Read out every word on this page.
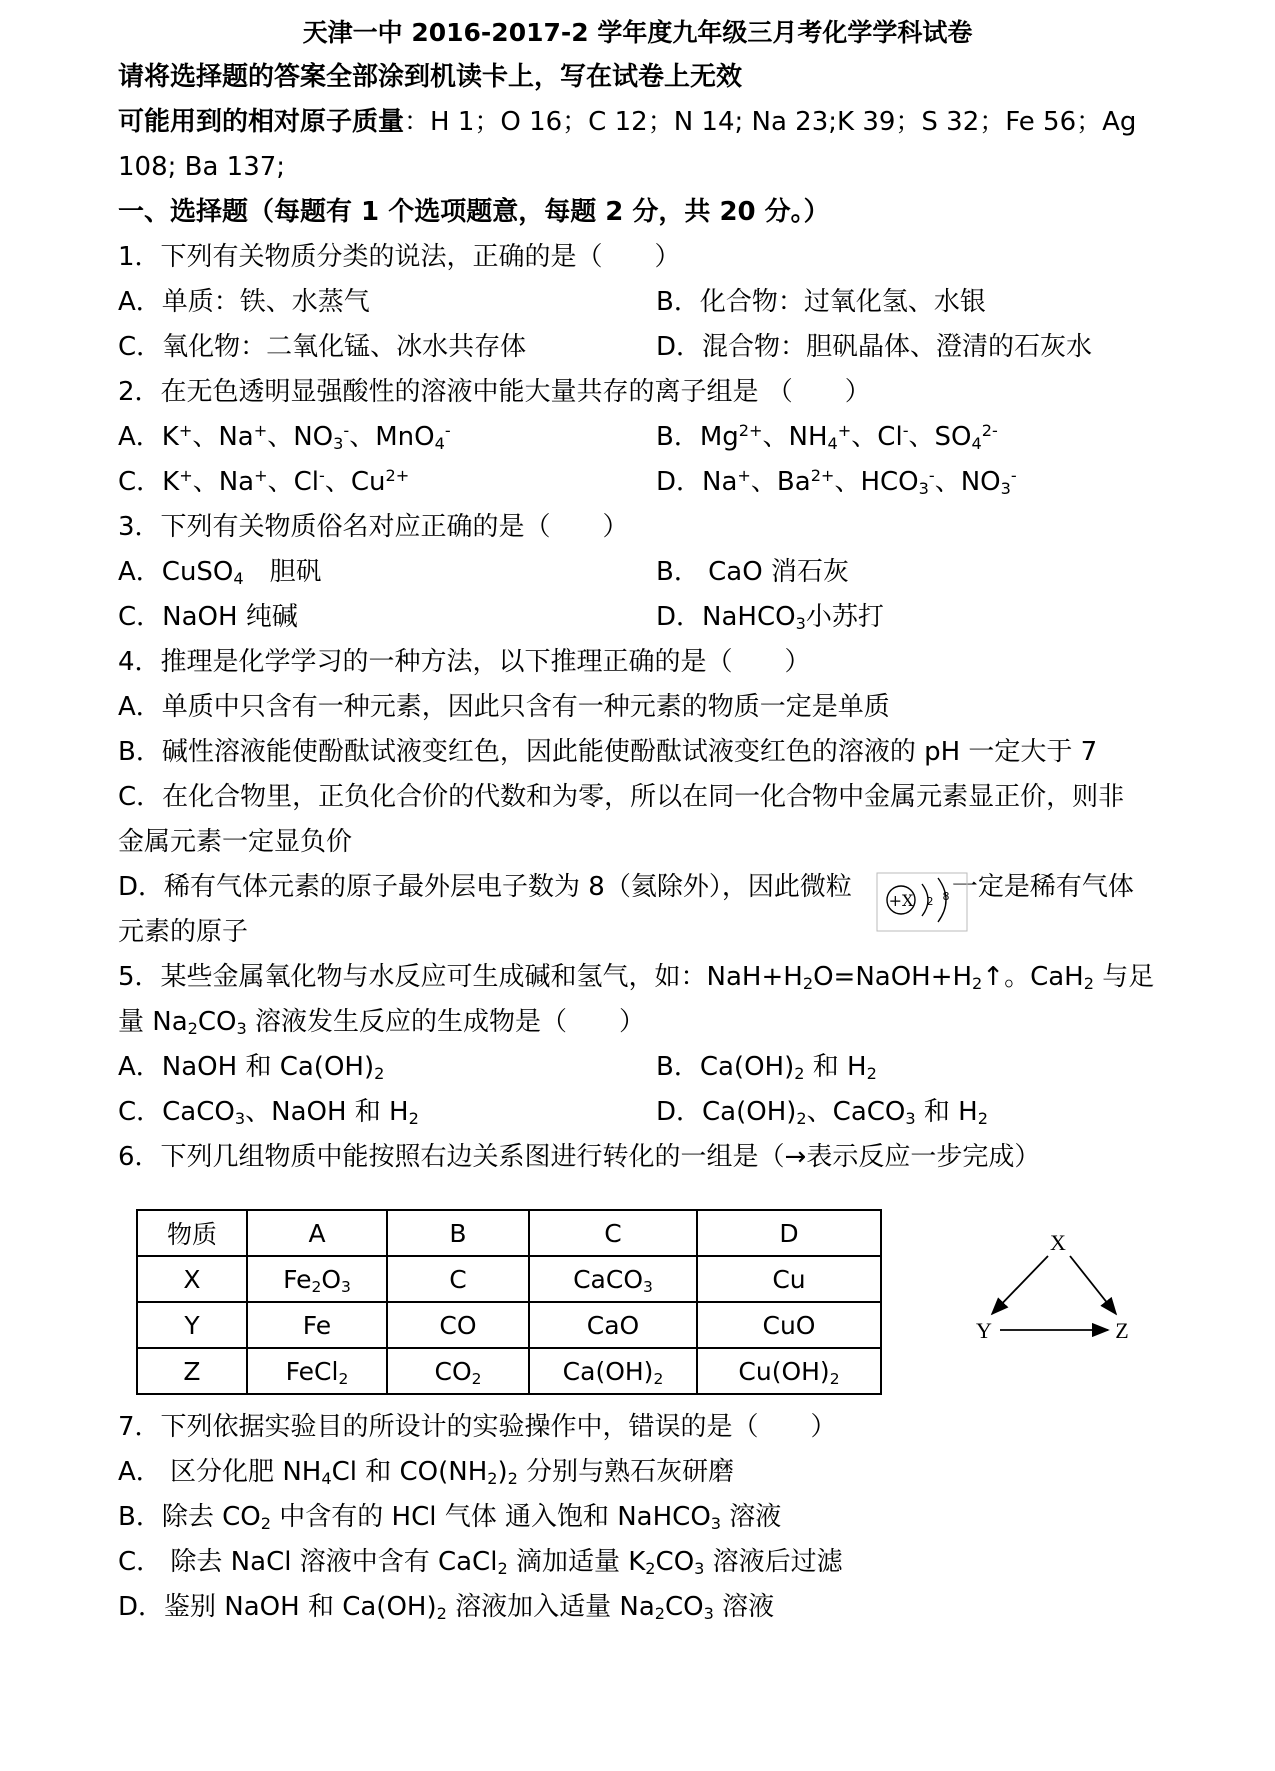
天津一中 2016-2017-2 学年度九年级三月考化学学科试卷
请将选择题的答案全部涂到机读卡上，写在试卷上无效
可能用到的相对原子质量：H 1；O 16；C 12；N 14; Na 23;K 39；S 32；Fe 56；Ag
108; Ba 137;
一、选择题（每题有 1 个选项题意，每题 2 分，共 20 分。）
1．下列有关物质分类的说法，正确的是（　　）
A．单质：铁、水蒸气	B．化合物：过氧化氢、水银
C．氧化物：二氧化锰、冰水共存体	D．混合物：胆矾晶体、澄清的石灰水
2．在无色透明显强酸性的溶液中能大量共存的离子组是 （　　）
A．K+、Na+、$NO_3^-$、MnO$_4$-	B．$Mg^{2+}$、$NH_4^+$、Cl-、$SO_4^{2-}$
C．K+、Na+、Cl-、$Cu^{2+}$	D．Na+、$Ba^{2+}$、$HCO_3^-$、$NO_3^-$
3．下列有关物质俗名对应正确的是（　　）
A．CuSO$_4$　胆矾	B． CaO 消石灰
C．NaOH 纯碱	D．NaHCO$_3$小苏打
4．推理是化学学习的一种方法，以下推理正确的是（　　）
A．单质中只含有一种元素，因此只含有一种元素的物质一定是单质
B．碱性溶液能使酚酞试液变红色，因此能使酚酞试液变红色的溶液的 pH 一定大于 7
C．在化合物里，正负化合价的代数和为零，所以在同一化合物中金属元素显正价，则非
金属元素一定显负价
D．稀有气体元素的原子最外层电子数为 8（氦除外），因此微粒	一定是稀有气体
+X 2 8
元素的原子
5．某些金属氧化物与水反应可生成碱和氢气，如：$NaH+H_2O=NaOH+H_2↑$。CaH$_2$ 与足
量 $Na_2CO_3$ 溶液发生反应的生成物是（　　）
A．NaOH 和 $Ca(OH)_2$	B．$Ca(OH)_2$ 和 $H_2$
C．CaCO$_3$、NaOH 和 $H_2$	D．$Ca(OH)_2$、CaCO$_3$ 和 $H_2$
6．下列几组物质中能按照右边关系图进行转化的一组是（→表示反应一步完成）
物质	A	B	C	D
X	$Fe_2O_3$	C	CaCO$_3$	Cu
Y	Fe	CO	CaO	CuO
Z	FeCl$_2$	$CO_2$	$Ca(OH)_2$	$Cu(OH)_2$
X
Y	Z
7．下列依据实验目的所设计的实验操作中，错误的是（　　）
A． 区分化肥 $NH_4Cl$ 和 $CO(NH_2)_2$ 分别与熟石灰研磨
B．除去 $CO_2$ 中含有的 HCl 气体 通入饱和 NaHCO$_3$ 溶液
C． 除去 NaCl 溶液中含有 CaCl$_2$ 滴加适量 $K_2CO_3$ 溶液后过滤
D．鉴别 NaOH 和 $Ca(OH)_2$ 溶液加入适量 $Na_2CO_3$ 溶液
